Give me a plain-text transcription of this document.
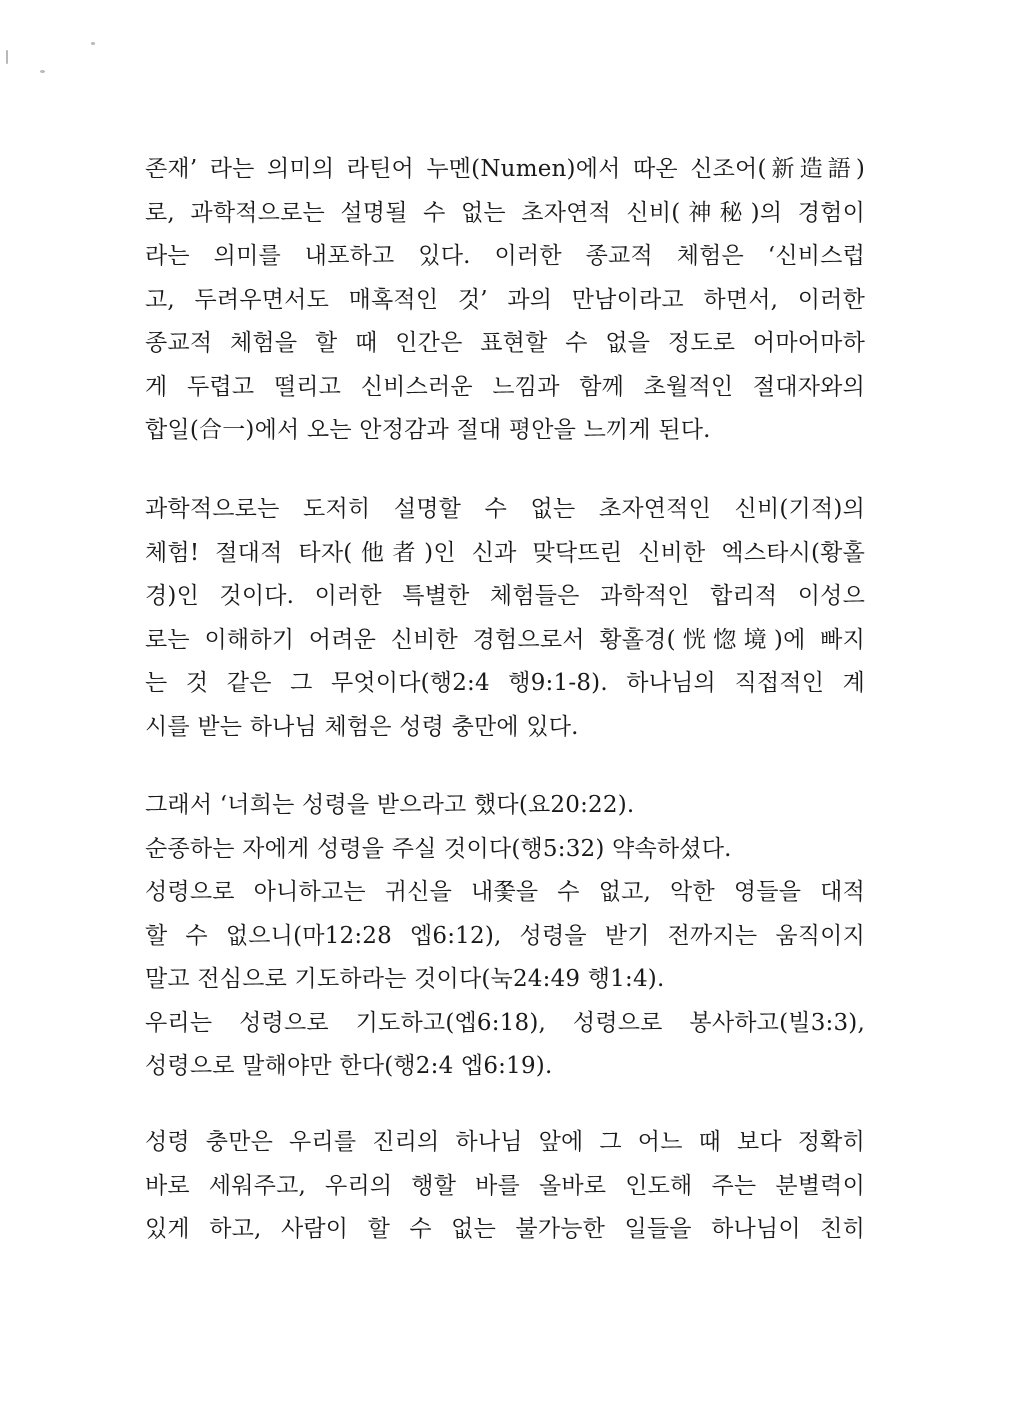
존재’ 라는 의미의 라틴어 누멘(Numen)에서 따온 신조어(新造語)
로, 과학적으로는 설명될 수 없는 초자연적 신비(神秘)의 경험이
라는 의미를 내포하고 있다. 이러한 종교적 체험은 ‘신비스럽
고, 두려우면서도 매혹적인 것’ 과의 만남이라고 하면서, 이러한
종교적 체험을 할 때 인간은 표현할 수 없을 정도로 어마어마하
게 두렵고 떨리고 신비스러운 느낌과 함께 초월적인 절대자와의
합일(合一)에서 오는 안정감과 절대 평안을 느끼게 된다.
과학적으로는 도저히 설명할 수 없는 초자연적인 신비(기적)의
체험! 절대적 타자(他者)인 신과 맞닥뜨린 신비한 엑스타시(황홀
경)인 것이다. 이러한 특별한 체험들은 과학적인 합리적 이성으
로는 이해하기 어려운 신비한 경험으로서 황홀경(恍惚境)에 빠지
는 것 같은 그 무엇이다(행2:4 행9:1-8). 하나님의 직접적인 계
시를 받는 하나님 체험은 성령 충만에 있다.
그래서 ‘너희는 성령을 받으라고 했다(요20:22).
순종하는 자에게 성령을 주실 것이다(행5:32) 약속하셨다.
성령으로 아니하고는 귀신을 내쫓을 수 없고, 악한 영들을 대적
할 수 없으니(마12:28 엡6:12), 성령을 받기 전까지는 움직이지
말고 전심으로 기도하라는 것이다(눅24:49 행1:4).
우리는 성령으로 기도하고(엡6:18), 성령으로 봉사하고(빌3:3),
성령으로 말해야만 한다(행2:4 엡6:19).
성령 충만은 우리를 진리의 하나님 앞에 그 어느 때 보다 정확히
바로 세워주고, 우리의 행할 바를 올바로 인도해 주는 분별력이
있게 하고, 사람이 할 수 없는 불가능한 일들을 하나님이 친히
